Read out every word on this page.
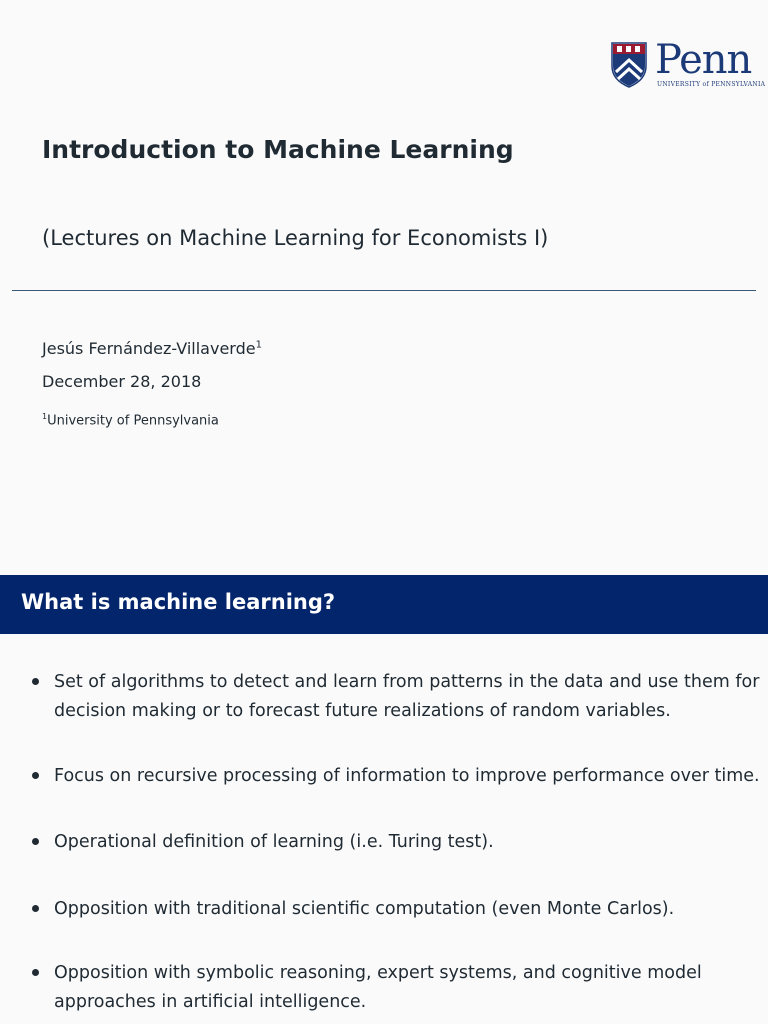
Penn
UNIVERSITY of PENNSYLVANIA
Introduction to Machine Learning
(Lectures on Machine Learning for Economists I)
Jesús Fernández-Villaverde$^1$
December 28, 2018
$^1$University of Pennsylvania
What is machine learning?
Set of algorithms to detect and learn from patterns in the data and use them for decision making or to forecast future realizations of random variables.
Focus on recursive processing of information to improve performance over time.
Operational definition of learning (i.e. Turing test).
Opposition with traditional scientific computation (even Monte Carlos).
Opposition with symbolic reasoning, expert systems, and cognitive model approaches in artificial intelligence.
